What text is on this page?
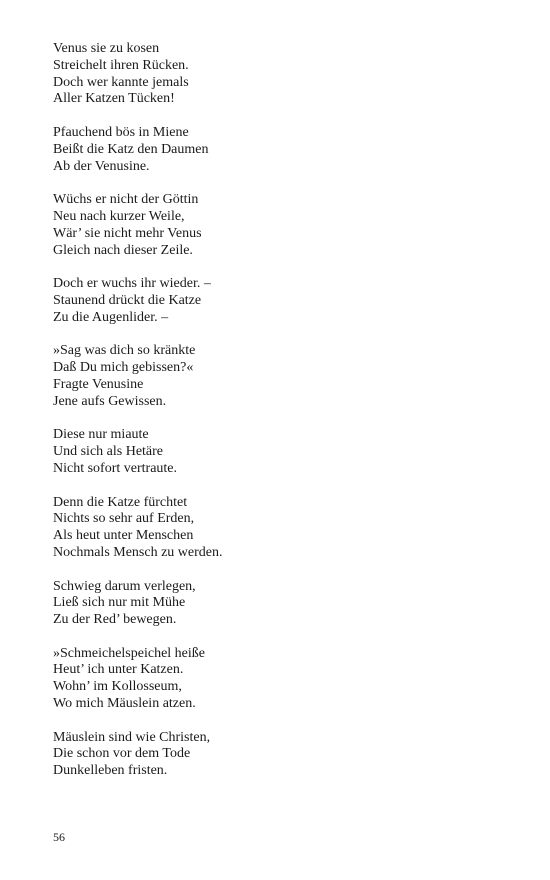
Venus sie zu kosen
Streichelt ihren Rücken.
Doch wer kannte jemals
Aller Katzen Tücken!
Pfauchend bös in Miene
Beißt die Katz den Daumen
Ab der Venusine.
Wüchs er nicht der Göttin
Neu nach kurzer Weile,
Wär’ sie nicht mehr Venus
Gleich nach dieser Zeile.
Doch er wuchs ihr wieder. –
Staunend drückt die Katze
Zu die Augenlider. –
»Sag was dich so kränkte
Daß Du mich gebissen?«
Fragte Venusine
Jene aufs Gewissen.
Diese nur miaute
Und sich als Hetäre
Nicht sofort vertraute.
Denn die Katze fürchtet
Nichts so sehr auf Erden,
Als heut unter Menschen
Nochmals Mensch zu werden.
Schwieg darum verlegen,
Ließ sich nur mit Mühe
Zu der Red’ bewegen.
»Schmeichelspeichel heiße
Heut’ ich unter Katzen.
Wohn’ im Kollosseum,
Wo mich Mäuslein atzen.
Mäuslein sind wie Christen,
Die schon vor dem Tode
Dunkelleben fristen.
56
